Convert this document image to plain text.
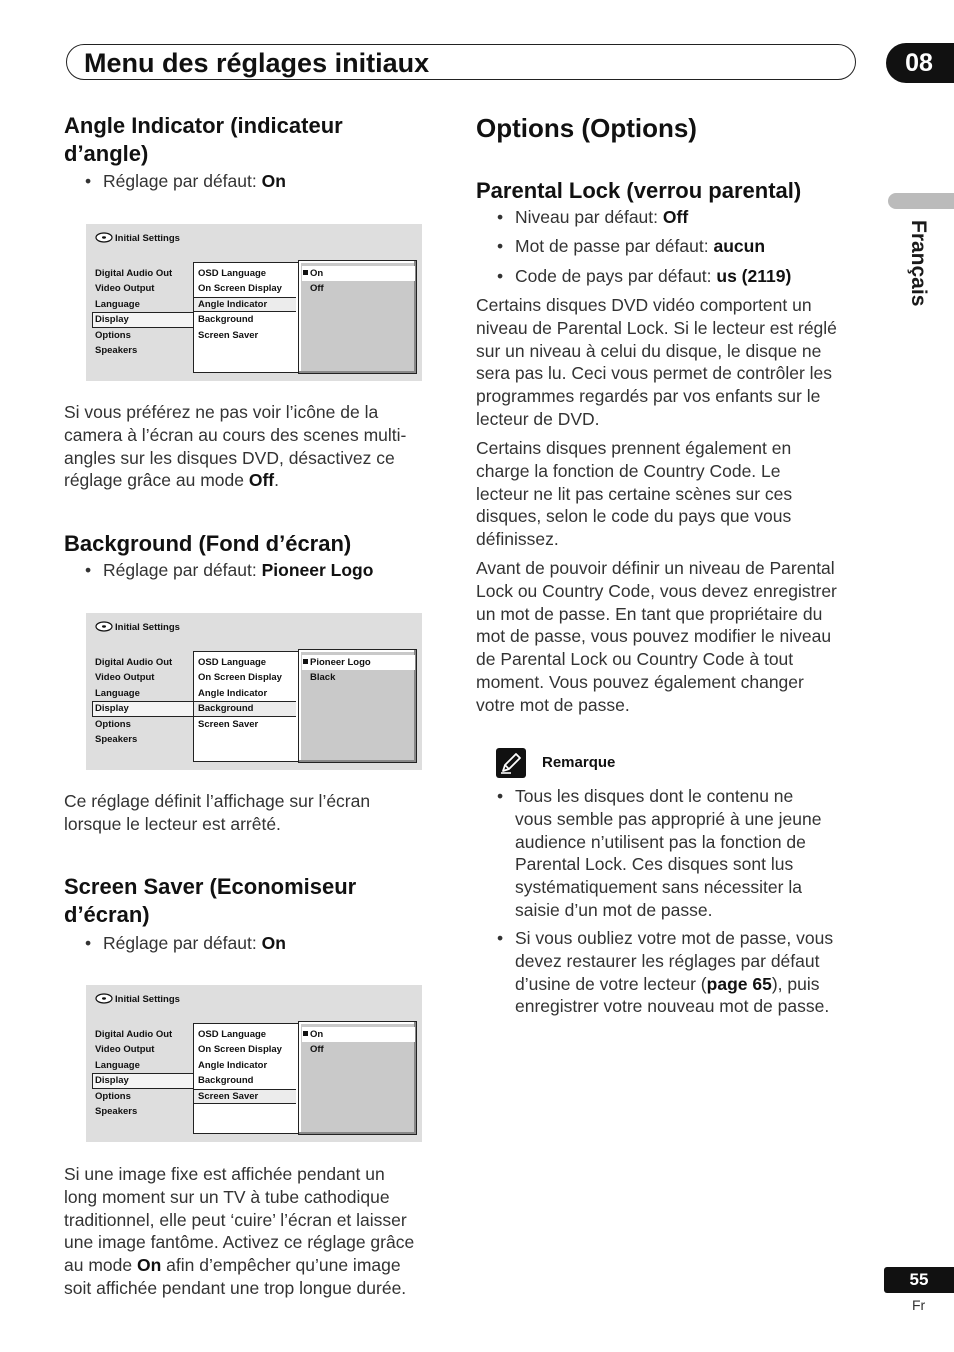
Menu des réglages initiaux	08
Français
Angle Indicator (indicateur
d’angle)
• Réglage par défaut: On
Initial Settings
Digital Audio Out
Video Output
Language
Display
Options
Speakers
OSD Language
On Screen Display
Angle Indicator
Background
Screen Saver
On
Off
Si vous préférez ne pas voir l’icône de la
camera à l’écran au cours des scenes multi-
angles sur les disques DVD, désactivez ce
réglage grâce au mode Off.
Background (Fond d’écran)
• Réglage par défaut: Pioneer Logo
Initial Settings
Digital Audio Out
Video Output
Language
Display
Options
Speakers
OSD Language
On Screen Display
Angle Indicator
Background
Screen Saver
Pioneer Logo
Black
Ce réglage définit l’affichage sur l’écran
lorsque le lecteur est arrêté.
Screen Saver (Economiseur
d’écran)
• Réglage par défaut: On
Initial Settings
Digital Audio Out
Video Output
Language
Display
Options
Speakers
OSD Language
On Screen Display
Angle Indicator
Background
Screen Saver
On
Off
Si une image fixe est affichée pendant un
long moment sur un TV à tube cathodique
traditionnel, elle peut ‘cuire’ l’écran et laisser
une image fantôme. Activez ce réglage grâce
au mode On afin d’empêcher qu’une image
soit affichée pendant une trop longue durée.
Options (Options)
Parental Lock (verrou parental)
• Niveau par défaut: Off
• Mot de passe par défaut: aucun
• Code de pays par défaut: us (2119)
Certains disques DVD vidéo comportent un
niveau de Parental Lock. Si le lecteur est réglé
sur un niveau à celui du disque, le disque ne
sera pas lu. Ceci vous permet de contrôler les
programmes regardés par vos enfants sur le
lecteur de DVD.
Certains disques prennent également en
charge la fonction de Country Code. Le
lecteur ne lit pas certaine scènes sur ces
disques, selon le code du pays que vous
définissez.
Avant de pouvoir définir un niveau de Parental
Lock ou Country Code, vous devez enregistrer
un mot de passe. En tant que propriétaire du
mot de passe, vous pouvez modifier le niveau
de Parental Lock ou Country Code à tout
moment. Vous pouvez également changer
votre mot de passe.
Remarque
• Tous les disques dont le contenu ne
vous semble pas approprié à une jeune
audience n’utilisent pas la fonction de
Parental Lock. Ces disques sont lus
systématiquement sans nécessiter la
saisie d’un mot de passe.
• Si vous oubliez votre mot de passe, vous
devez restaurer les réglages par défaut
d’usine de votre lecteur (page 65), puis
enregistrer votre nouveau mot de passe.
55
Fr
